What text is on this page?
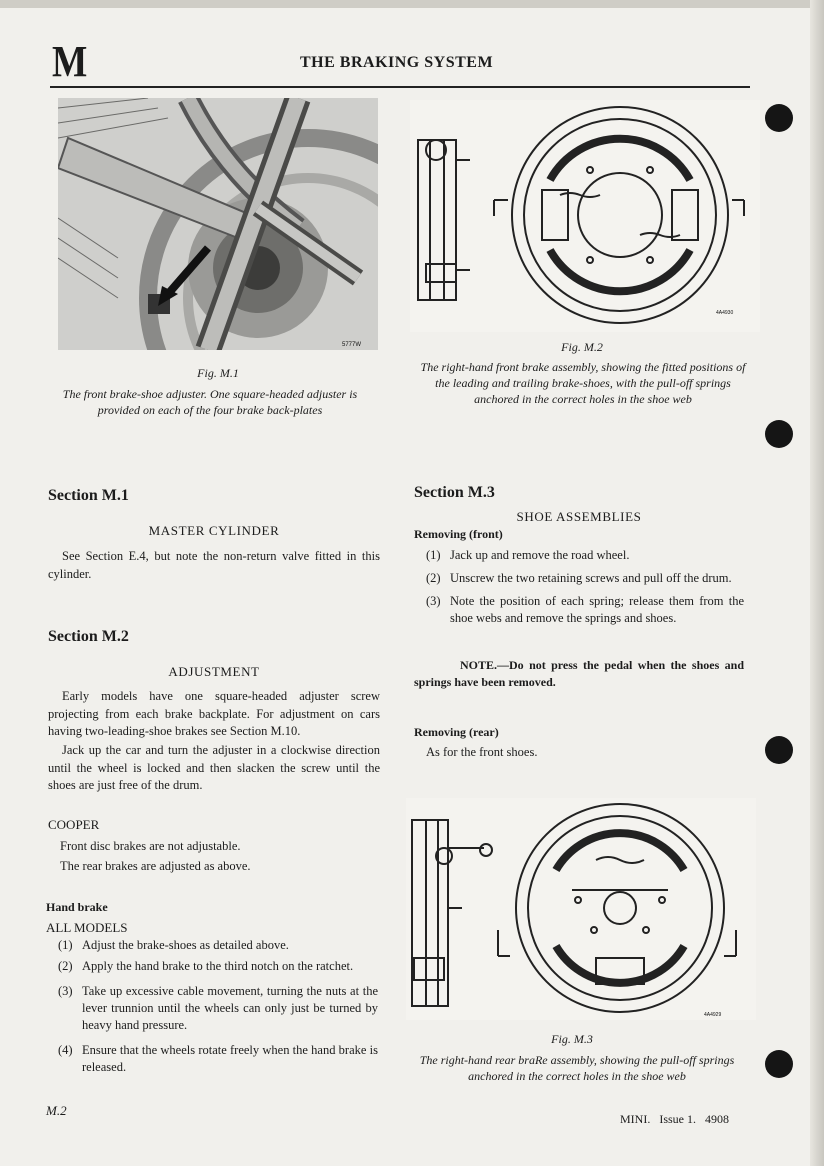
M	THE BRAKING SYSTEM
5777W
Fig. M.1
The front brake-shoe adjuster. One square-headed adjuster is provided on each of the four brake back-plates
4A4930
Fig. M.2
The right-hand front brake assembly, showing the fitted positions of the leading and trailing brake-shoes, with the pull-off springs anchored in the correct holes in the shoe web
Section M.1
MASTER CYLINDER
See Section E.4, but note the non-return valve fitted in this cylinder.
Section M.2
ADJUSTMENT
Early models have one square-headed adjuster screw projecting from each brake backplate. For adjustment on cars having two-leading-shoe brakes see Section M.10.
Jack up the car and turn the adjuster in a clockwise direction until the wheel is locked and then slacken the screw until the shoes are just free of the drum.
COOPER
Front disc brakes are not adjustable.
The rear brakes are adjusted as above.
Hand brake
ALL MODELS
(1) Adjust the brake-shoes as detailed above.
(2) Apply the hand brake to the third notch on the ratchet.
(3) Take up excessive cable movement, turning the nuts at the lever trunnion until the wheels can only just be turned by heavy hand pressure.
(4) Ensure that the wheels rotate freely when the hand brake is released.
Section M.3
SHOE ASSEMBLIES
Removing (front)
(1) Jack up and remove the road wheel.
(2) Unscrew the two retaining screws and pull off the drum.
(3) Note the position of each spring; release them from the shoe webs and remove the springs and shoes.
NOTE.—Do not press the pedal when the shoes and springs have been removed.
Removing (rear)
As for the front shoes.
4A4929
Fig. M.3
The right-hand rear braRe assembly, showing the pull-off springs anchored in the correct holes in the shoe web
M.2
MINI.   Issue 1.   4908
